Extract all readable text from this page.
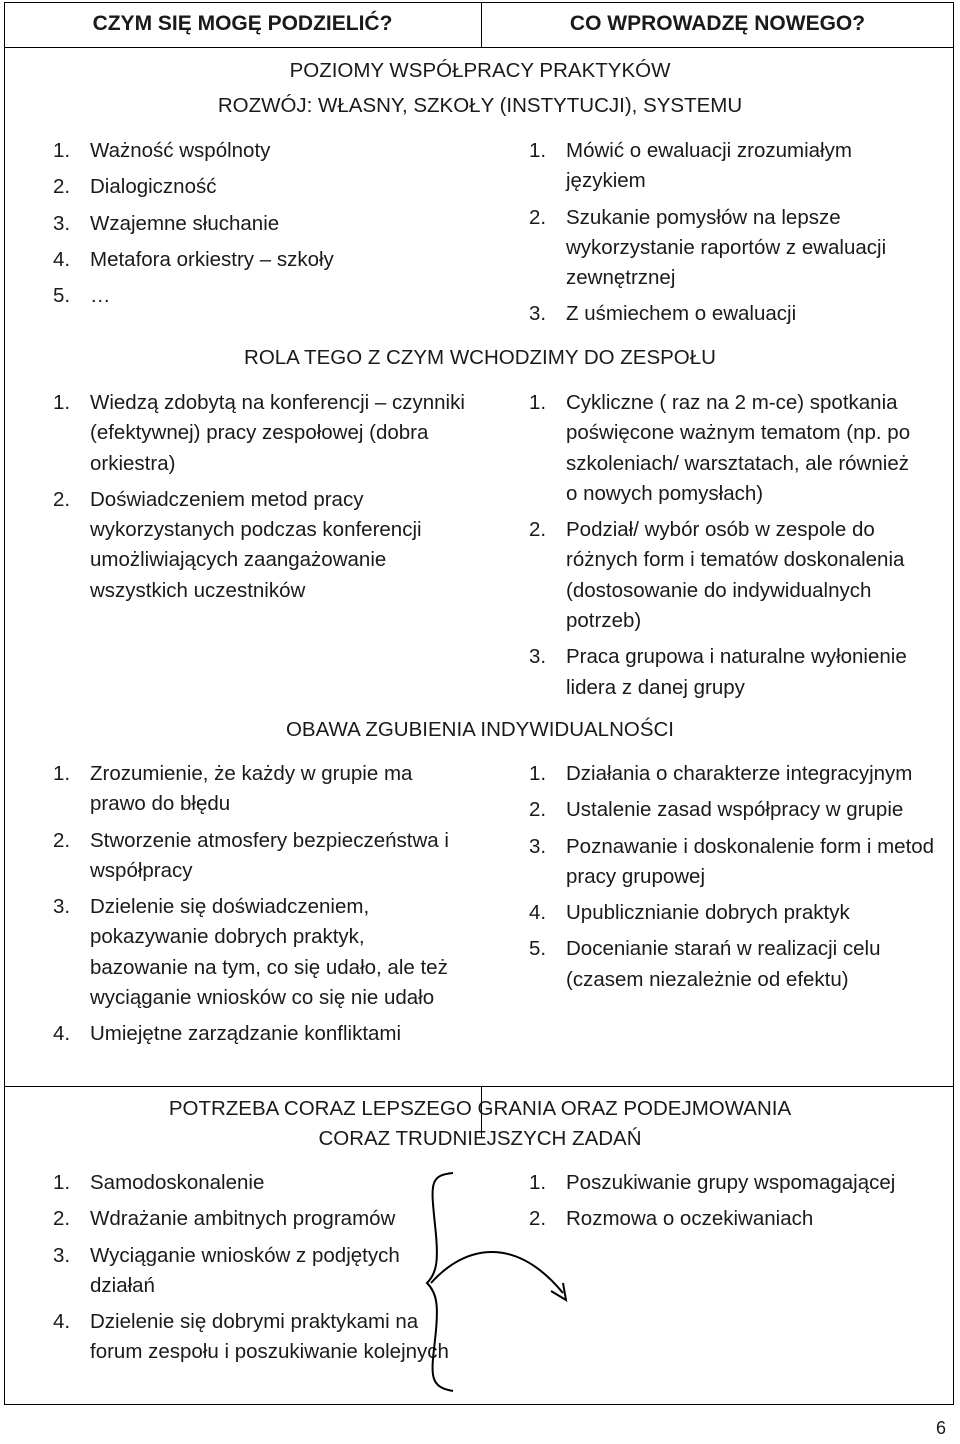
CZYM SIĘ MOGĘ PODZIELIĆ?	CO WPROWADZĘ NOWEGO?
POZIOMY WSPÓŁPRACY PRAKTYKÓW
ROZWÓJ: WŁASNY, SZKOŁY (INSTYTUCJI), SYSTEMU
1. Ważność wspólnoty
2. Dialogiczność
3. Wzajemne słuchanie
4. Metafora orkiestry – szkoły
5. …
1. Mówić o ewaluacji zrozumiałym językiem
2. Szukanie pomysłów na lepsze wykorzystanie raportów z ewaluacji zewnętrznej
3. Z uśmiechem o ewaluacji
ROLA TEGO Z CZYM WCHODZIMY DO ZESPOŁU
1. Wiedzą zdobytą na konferencji – czynniki (efektywnej) pracy zespołowej (dobra orkiestra)
2. Doświadczeniem metod pracy wykorzystanych podczas konferencji umożliwiających zaangażowanie wszystkich uczestników
1. Cykliczne ( raz na 2 m-ce) spotkania poświęcone ważnym tematom (np. po szkoleniach/ warsztatach, ale również o nowych pomysłach)
2. Podział/ wybór osób w zespole do różnych form i tematów doskonalenia (dostosowanie do indywidualnych potrzeb)
3. Praca grupowa i naturalne wyłonienie lidera z danej grupy
OBAWA ZGUBIENIA INDYWIDUALNOŚCI
1. Zrozumienie, że każdy w grupie ma prawo do błędu
2. Stworzenie atmosfery bezpieczeństwa i współpracy
3. Dzielenie się doświadczeniem, pokazywanie dobrych praktyk, bazowanie na tym, co się udało, ale też wyciąganie wniosków co się nie udało
4. Umiejętne zarządzanie konfliktami
1. Działania o charakterze integracyjnym
2. Ustalenie zasad współpracy w grupie
3. Poznawanie i doskonalenie form i metod pracy grupowej
4. Upublicznianie dobrych praktyk
5. Docenianie starań w realizacji celu (czasem niezależnie od efektu)
POTRZEBA CORAZ LEPSZEGO GRANIA ORAZ PODEJMOWANIA
CORAZ TRUDNIEJSZYCH ZADAŃ
1. Samodoskonalenie
2. Wdrażanie ambitnych programów
3. Wyciąganie wniosków z podjętych działań
4. Dzielenie się dobrymi praktykami na forum zespołu i poszukiwanie kolejnych
1. Poszukiwanie grupy wspomagającej
2. Rozmowa o oczekiwaniach
6
